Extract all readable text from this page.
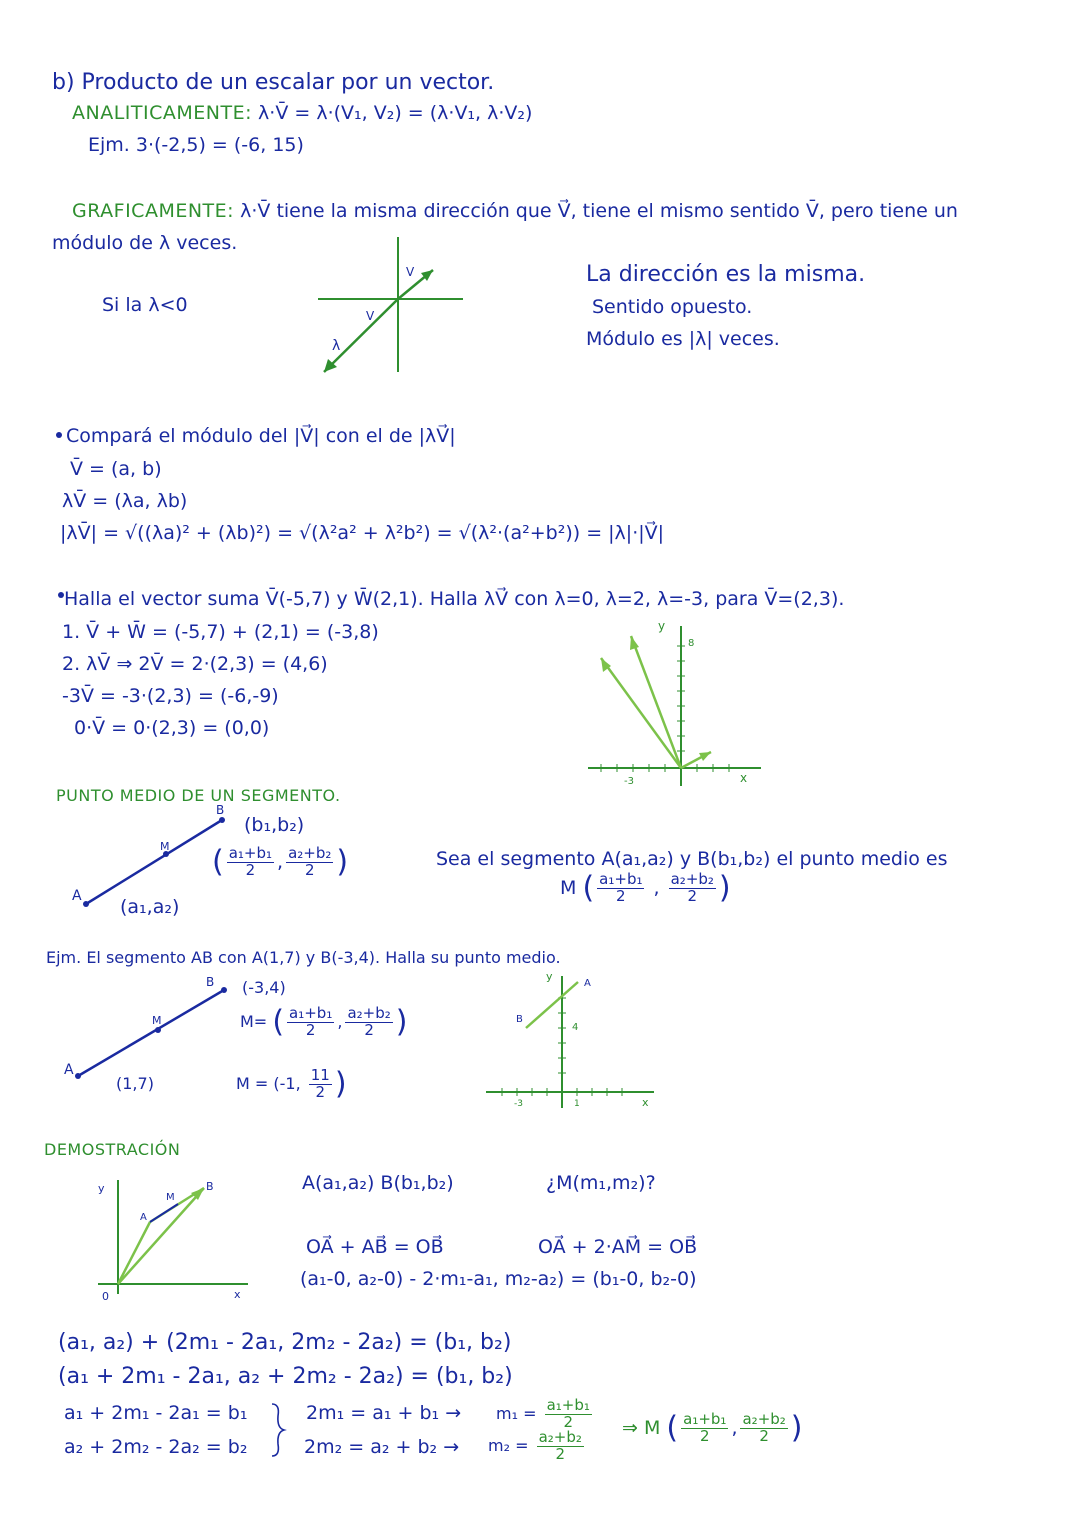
b) Producto de un escalar por un vector.
ANALITICAMENTE: λ·V̄ = λ·(V₁, V₂) = (λ·V₁, λ·V₂)
Ejm. 3·(-2,5) = (-6, 15)
GRAFICAMENTE: λ·V̄ tiene la misma dirección que V⃗, tiene el mismo sentido V̄, pero tiene un
módulo de λ veces.
Si la λ<0
V
V
λ
La dirección es la misma.
Sentido opuesto.
Módulo es |λ| veces.
Compará el módulo del |V⃗| con el de |λV⃗|
V̄ = (a, b)
λV̄ = (λa, λb)
|λV̄| = √((λa)² + (λb)²) = √(λ²a² + λ²b²) = √(λ²·(a²+b²)) = |λ|·|V⃗|
Halla el vector suma V̄(-5,7) y W̄(2,1). Halla λV⃗ con λ=0, λ=2, λ=-3, para V̄=(2,3).
1. V̄ + W̄ = (-5,7) + (2,1) = (-3,8)
2. λV̄ ⇒ 2V̄ = 2·(2,3) = (4,6)
-3V̄ = -3·(2,3) = (-6,-9)
0·V̄ = 0·(2,3) = (0,0)
y
8
-3	x
PUNTO MEDIO DE UN SEGMENTO.
A
M
B
(b₁,b₂)
(a₁,a₂)
( $\frac{\text{a₁+b₁}}{2}$ , $\frac{\text{a₂+b₂}}{2}$ )	Sea el segmento A(a₁,a₂) y B(b₁,b₂) el punto medio es
M ( $\frac{\text{a₁+b₁}}{2}$ , $\frac{\text{a₂+b₂}}{2}$ )
Ejm. El segmento AB con A(1,7) y B(-3,4). Halla su punto medio.
A
M
B (-3,4)
(1,7)
M= ( $\frac{\text{a₁+b₁}}{2}$ , $\frac{\text{a₂+b₂}}{2}$ )
M = (-1, $\frac{11}{2}$ )
y
A
B
4
-3	1	x
DEMOSTRACIÓN
y
0
A
M
B
x
A(a₁,a₂) B(b₁,b₂)	¿M(m₁,m₂)?
OA⃗ + AB⃗ = OB⃗	OA⃗ + 2·AM⃗ = OB⃗
(a₁-0, a₂-0) - 2·m₁-a₁, m₂-a₂) = (b₁-0, b₂-0)
(a₁, a₂) + (2m₁ - 2a₁, 2m₂ - 2a₂) = (b₁, b₂)
(a₁ + 2m₁ - 2a₁, a₂ + 2m₂ - 2a₂) = (b₁, b₂)
a₁ + 2m₁ - 2a₁ = b₁
a₂ + 2m₂ - 2a₂ = b₂
2m₁ = a₁ + b₁ →
2m₂ = a₂ + b₂ →
$m_1 = \frac{\text{a₁+b₁}}{2}$
$m_2 = \frac{\text{a₂+b₂}}{2}$
⇒ M ( $\frac{\text{a₁+b₁}}{2}$ , $\frac{\text{a₂+b₂}}{2}$ )
